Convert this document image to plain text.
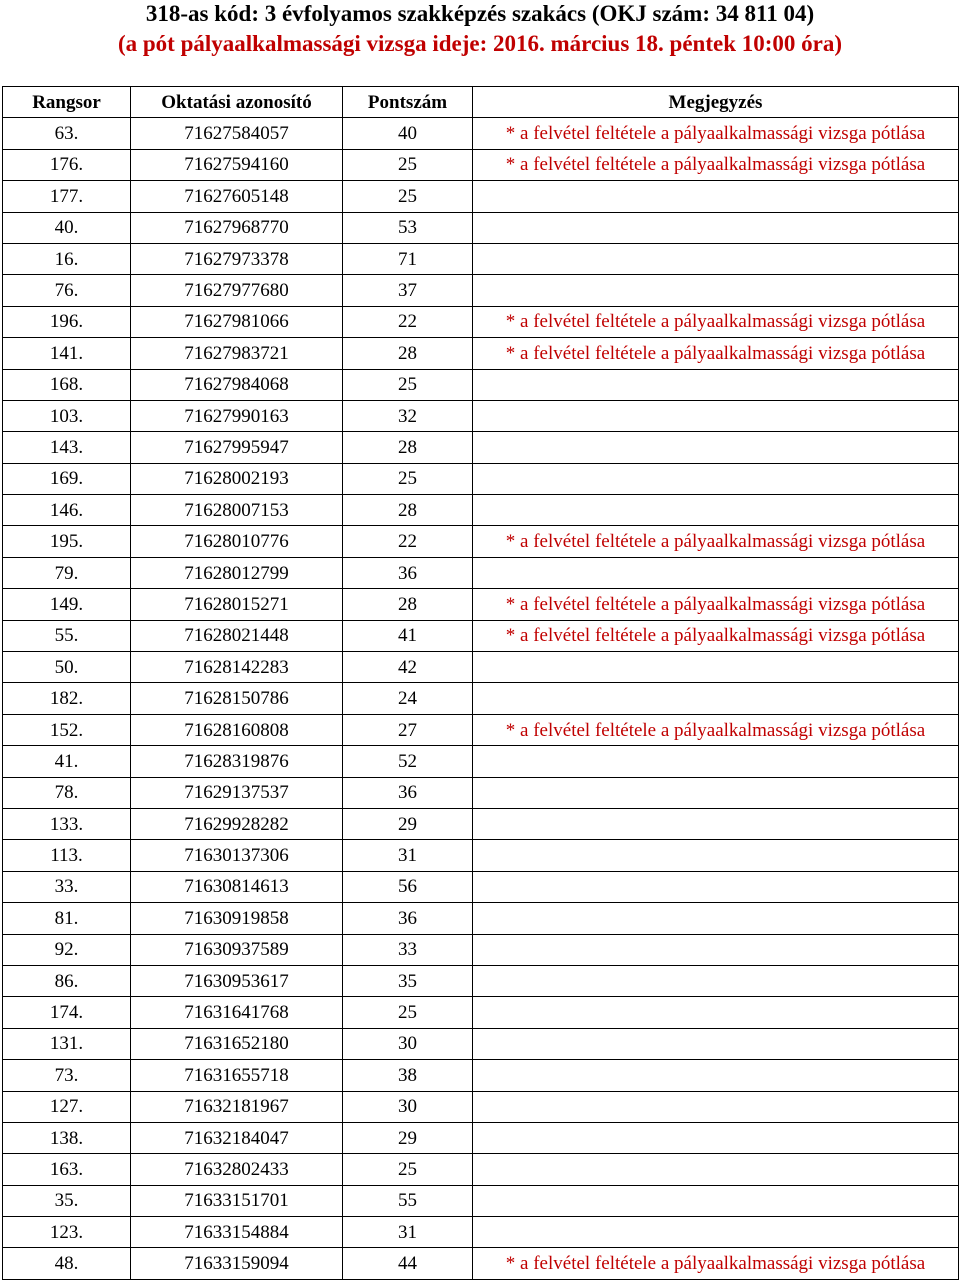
318-as kód: 3 évfolyamos szakképzés szakács (OKJ szám: 34 811 04)
(a pót pályaalkalmassági vizsga ideje: 2016. március 18. péntek 10:00 óra)
Rangsor	Oktatási azonosító	Pontszám	Megjegyzés
63.	71627584057	40	* a felvétel feltétele a pályaalkalmassági vizsga pótlása
176.	71627594160	25	* a felvétel feltétele a pályaalkalmassági vizsga pótlása
177.	71627605148	25	
40.	71627968770	53	
16.	71627973378	71	
76.	71627977680	37	
196.	71627981066	22	* a felvétel feltétele a pályaalkalmassági vizsga pótlása
141.	71627983721	28	* a felvétel feltétele a pályaalkalmassági vizsga pótlása
168.	71627984068	25	
103.	71627990163	32	
143.	71627995947	28	
169.	71628002193	25	
146.	71628007153	28	
195.	71628010776	22	* a felvétel feltétele a pályaalkalmassági vizsga pótlása
79.	71628012799	36	
149.	71628015271	28	* a felvétel feltétele a pályaalkalmassági vizsga pótlása
55.	71628021448	41	* a felvétel feltétele a pályaalkalmassági vizsga pótlása
50.	71628142283	42	
182.	71628150786	24	
152.	71628160808	27	* a felvétel feltétele a pályaalkalmassági vizsga pótlása
41.	71628319876	52	
78.	71629137537	36	
133.	71629928282	29	
113.	71630137306	31	
33.	71630814613	56	
81.	71630919858	36	
92.	71630937589	33	
86.	71630953617	35	
174.	71631641768	25	
131.	71631652180	30	
73.	71631655718	38	
127.	71632181967	30	
138.	71632184047	29	
163.	71632802433	25	
35.	71633151701	55	
123.	71633154884	31	
48.	71633159094	44	* a felvétel feltétele a pályaalkalmassági vizsga pótlása
